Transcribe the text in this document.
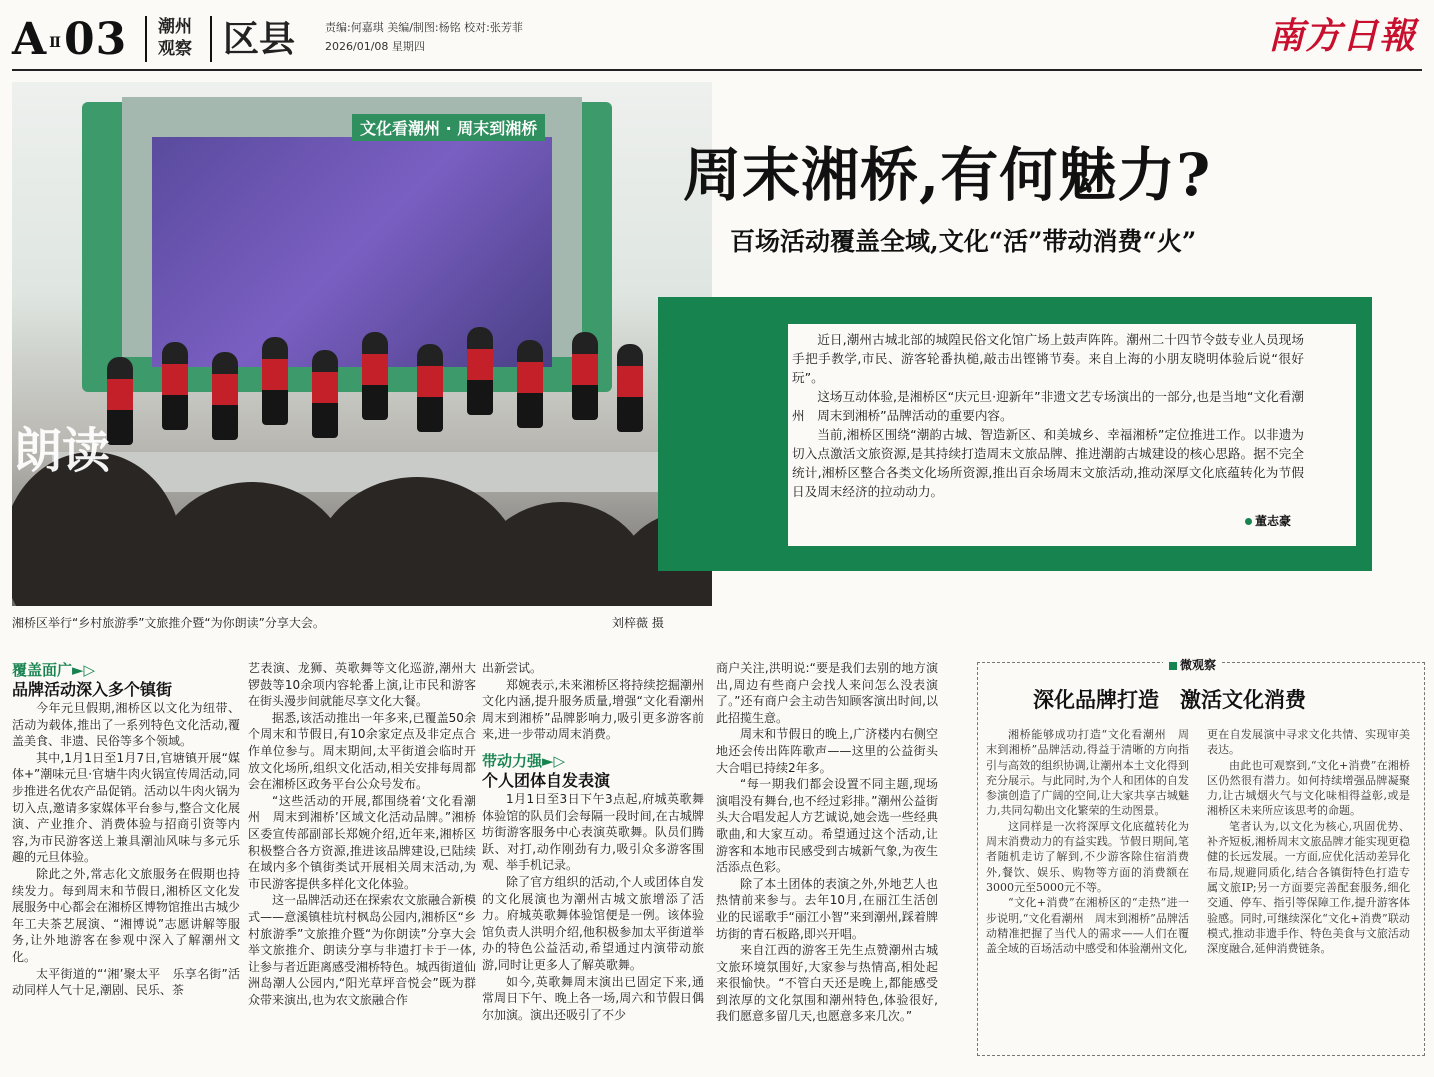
A Ⅱ03 潮州观察 区县	责编:何嘉琪 美编/制图:杨铭 校对:张芳菲
2026/01/08 星期四	南方日報
文化看潮州 · 周末到湘桥
朗读
湘桥区举行“乡村旅游季”文旅推介暨“为你朗读”分享大会。	刘梓薇 摄
周末湘桥,有何魅力?
百场活动覆盖全域,文化“活”带动消费“火”

近日,潮州古城北部的城隍民俗文化馆广场上鼓声阵阵。潮州二十四节令鼓专业人员现场手把手教学,市民、游客轮番执槌,敲击出铿锵节奏。来自上海的小朋友晓明体验后说“很好玩”。

这场互动体验,是湘桥区“庆元旦·迎新年”非遗文艺专场演出的一部分,也是当地“文化看潮州　周末到湘桥”品牌活动的重要内容。

当前,湘桥区围绕“潮韵古城、智造新区、和美城乡、幸福湘桥”定位推进工作。以非遗为切入点激活文旅资源,是其持续打造周末文旅品牌、推进潮韵古城建设的核心思路。据不完全统计,湘桥区整合各类文化场所资源,推出百余场周末文旅活动,推动深厚文化底蕴转化为节假日及周末经济的拉动动力。

董志豪

覆盖面广►▷

品牌活动深入多个镇街

今年元旦假期,湘桥区以文化为纽带、活动为载体,推出了一系列特色文化活动,覆盖美食、非遗、民俗等多个领域。

其中,1月1日至1月7日,官塘镇开展“媒体+”潮味元旦·官塘牛肉火锅宣传周活动,同步推进名优农产品促销。活动以牛肉火锅为切入点,邀请多家媒体平台参与,整合文化展演、产业推介、消费体验与招商引资等内容,为市民游客送上兼具潮汕风味与多元乐趣的元旦体验。

除此之外,常志化文旅服务在假期也持续发力。每到周末和节假日,湘桥区文化发展服务中心都会在湘桥区博物馆推出古城少年工夫茶艺展演、“湘博说”志愿讲解等服务,让外地游客在参观中深入了解潮州文化。

太平街道的“‘湘’聚太平　乐享名街”活动同样人气十足,潮剧、民乐、茶

艺表演、龙狮、英歌舞等文化巡游,潮州大锣鼓等10余项内容轮番上演,让市民和游客在街头漫步间就能尽享文化大餐。

据悉,该活动推出一年多来,已覆盖50余个周末和节假日,有10余家定点及非定点合作单位参与。周末期间,太平街道会临时开放文化场所,组织文化活动,相关安排每周都会在湘桥区政务平台公众号发布。

“这些活动的开展,都围绕着‘文化看潮州　周末到湘桥’区域文化活动品牌。”湘桥区委宣传部副部长郑婉介绍,近年来,湘桥区积极整合各方资源,推进该品牌建设,已陆续在域内多个镇街类试开展相关周末活动,为市民游客提供多样化文化体验。

这一品牌活动还在探索农文旅融合新模式——意溪镇桂坑村枫岛公园内,湘桥区“乡村旅游季”文旅推介暨“为你朗读”分享大会举文旅推介、朗读分享与非遗打卡于一体,让参与者近距离感受湘桥特色。城西街道仙洲岛潮人公园内,“阳光草坪音悦会”既为群众带来演出,也为农文旅融合作

出新尝试。

郑婉表示,未来湘桥区将持续挖掘潮州文化内涵,提升服务质量,增强“文化看潮州　周末到湘桥”品牌影响力,吸引更多游客前来,进一步带动周末消费。

带动力强►▷

个人团体自发表演

1月1日至3日下午3点起,府城英歌舞体验馆的队员们会每隔一段时间,在古城牌坊街游客服务中心表演英歌舞。队员们腾跃、对打,动作刚劲有力,吸引众多游客围观、举手机记录。

除了官方组织的活动,个人或团体自发的文化展演也为潮州古城文旅增添了活力。府城英歌舞体验馆便是一例。该体验馆负责人洪明介绍,他积极参加太平街道举办的特色公益活动,希望通过内演带动旅游,同时让更多人了解英歌舞。

如今,英歌舞周末演出已固定下来,通常周日下午、晚上各一场,周六和节假日偶尔加演。演出还吸引了不少

商户关注,洪明说:“要是我们去别的地方演出,周边有些商户会找人来问怎么没表演了。”还有商户会主动告知顾客演出时间,以此招揽生意。

周末和节假日的晚上,广济楼内右侧空地还会传出阵阵歌声——这里的公益街头大合唱已持续2年多。

“每一期我们都会设置不同主题,现场演唱没有舞台,也不经过彩排。”潮州公益街头大合唱发起人方艺诚说,她会选一些经典歌曲,和大家互动。希望通过这个活动,让游客和本地市民感受到古城新气象,为夜生活添点色彩。

除了本土团体的表演之外,外地艺人也热情前来参与。去年10月,在丽江生活创业的民谣歌手“丽江小智”来到潮州,踩着牌坊街的青石板路,即兴开唱。

来自江西的游客王先生点赞潮州古城文旅环境氛围好,大家参与热情高,相处起来很愉快。“不管白天还是晚上,都能感受到浓厚的文化氛围和潮州特色,体验很好,我们愿意多留几天,也愿意多来几次。”

微观察
深化品牌打造　激活文化消费

湘桥能够成功打造“文化看潮州　周末到湘桥”品牌活动,得益于清晰的方向指引与高效的组织协调,让潮州本土文化得到充分展示。与此同时,为个人和团体的自发参演创造了广阔的空间,让大家共享古城魅力,共同勾勒出文化繁荣的生动图景。

这同样是一次将深厚文化底蕴转化为周末消费动力的有益实践。节假日期间,笔者随机走访了解到,不少游客除住宿消费外,餐饮、娱乐、购物等方面的消费额在3000元至5000元不等。

“文化+消费”在湘桥区的“走热”进一步说明,“文化看潮州　周末到湘桥”品牌活动精准把握了当代人的需求——人们在覆盖全域的百场活动中感受和体验潮州文化,

更在自发展演中寻求文化共情、实现审美表达。

由此也可观察到,“文化+消费”在湘桥区仍然很有潜力。如何持续增强品牌凝聚力,让古城烟火气与文化味相得益彰,或是湘桥区未来所应该思考的命题。

笔者认为,以文化为核心,巩固优势、补齐短板,湘桥周末文旅品牌才能实现更稳健的长远发展。一方面,应优化活动差异化布局,规避同质化,结合各镇街特色打造专属文旅IP;另一方面要完善配套服务,细化交通、停车、指引等保障工作,提升游客体验感。同时,可继续深化“文化+消费”联动模式,推动非遗手作、特色美食与文旅活动深度融合,延伸消费链条。
